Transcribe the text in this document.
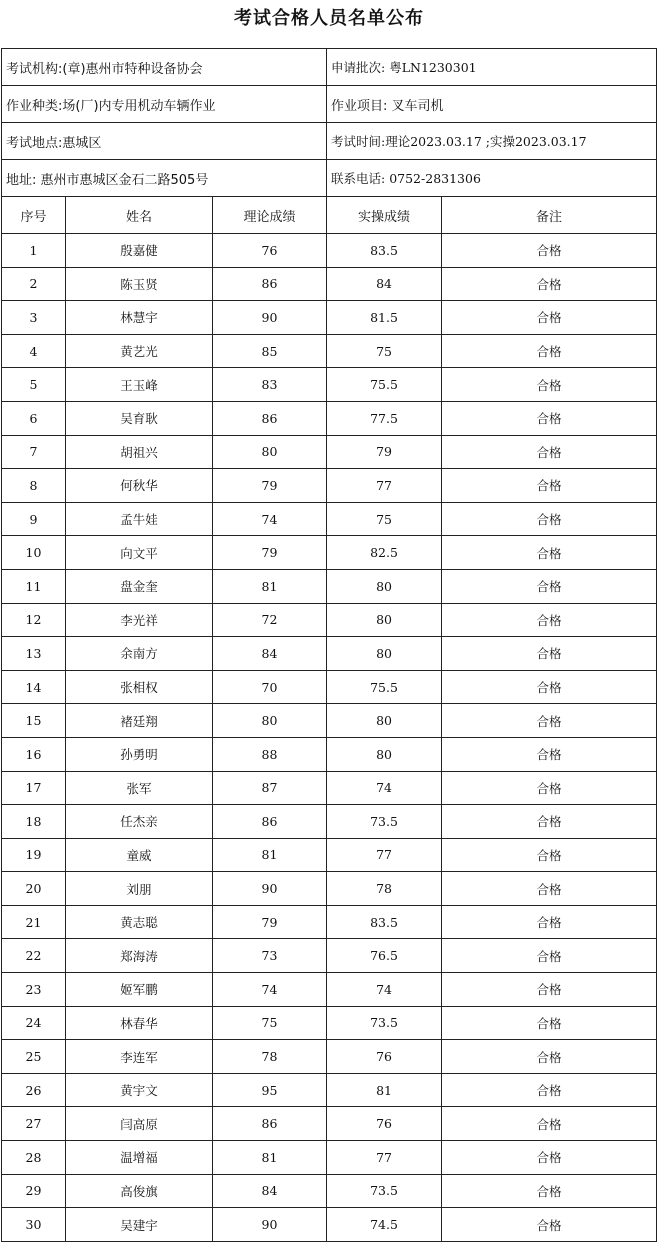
考试合格人员名单公布
考试机构:(章)惠州市特种设备协会			申请批次: 粤LN1230301	
作业种类:场(厂)内专用机动车辆作业			作业项目: 叉车司机	
考试地点:惠城区			考试时间:理论2023.03.17 ;实操2023.03.17	
地址: 惠州市惠城区金石二路505号			联系电话: 0752-2831306	
序号	姓名	理论成绩	实操成绩	备注
1	殷嘉健	76	83.5	合格
2	陈玉贤	86	84	合格
3	林慧宇	90	81.5	合格
4	黄艺光	85	75	合格
5	王玉峰	83	75.5	合格
6	吴育耿	86	77.5	合格
7	胡祖兴	80	79	合格
8	何秋华	79	77	合格
9	孟牛娃	74	75	合格
10	向文平	79	82.5	合格
11	盘金奎	81	80	合格
12	李光祥	72	80	合格
13	余南方	84	80	合格
14	张相权	70	75.5	合格
15	褚廷翔	80	80	合格
16	孙勇明	88	80	合格
17	张军	87	74	合格
18	任杰亲	86	73.5	合格
19	童威	81	77	合格
20	刘朋	90	78	合格
21	黄志聪	79	83.5	合格
22	郑海涛	73	76.5	合格
23	姬军鹏	74	74	合格
24	林春华	75	73.5	合格
25	李连军	78	76	合格
26	黄宇文	95	81	合格
27	闫高原	86	76	合格
28	温增福	81	77	合格
29	高俊旗	84	73.5	合格
30	吴建宇	90	74.5	合格
